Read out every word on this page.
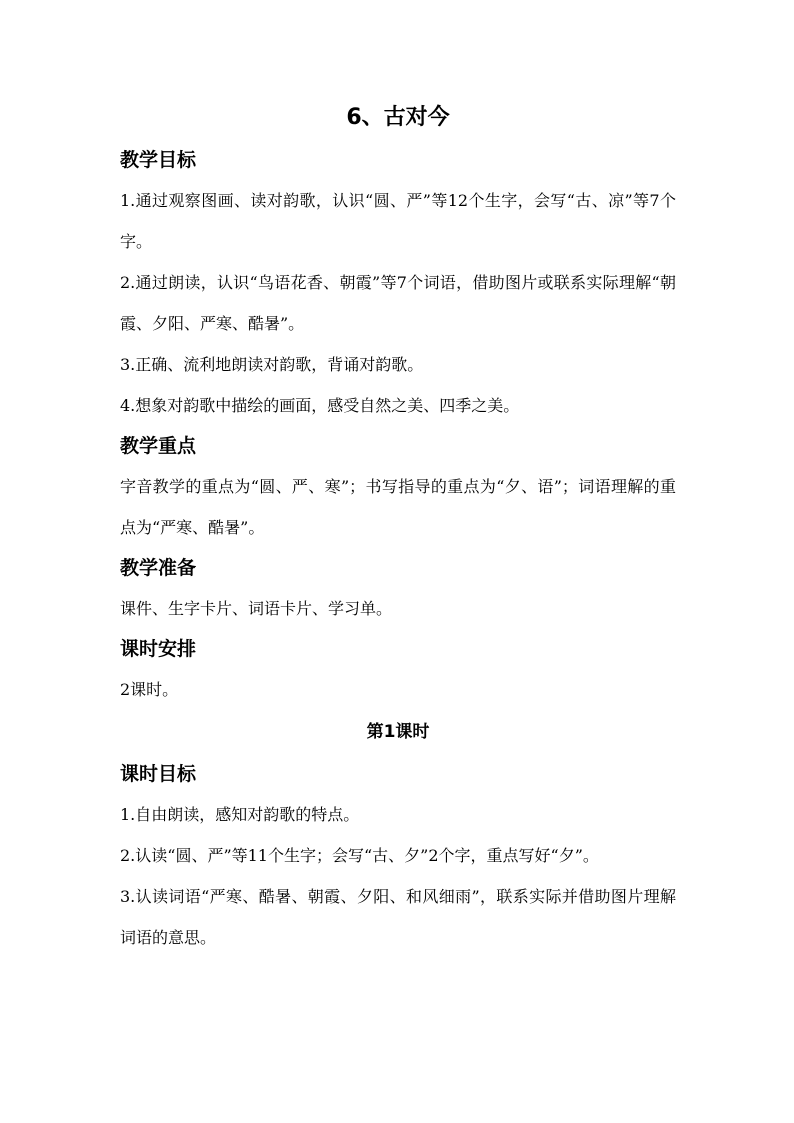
6、古对今
教学目标

1.通过观察图画、读对韵歌，认识“圆、严”等12个生字，会写“古、凉”等7个字。

2.通过朗读，认识“鸟语花香、朝霞”等7个词语，借助图片或联系实际理解“朝霞、夕阳、严寒、酷暑”。

3.正确、流利地朗读对韵歌，背诵对韵歌。

4.想象对韵歌中描绘的画面，感受自然之美、四季之美。

教学重点

字音教学的重点为“圆、严、寒”；书写指导的重点为“夕、语”；词语理解的重点为“严寒、酷暑”。

教学准备

课件、生字卡片、词语卡片、学习单。

课时安排

2课时。

第1课时
课时目标

1.自由朗读，感知对韵歌的特点。

2.认读“圆、严”等11个生字；会写“古、夕”2个字，重点写好“夕”。

3.认读词语“严寒、酷暑、朝霞、夕阳、和风细雨”，联系实际并借助图片理解词语的意思。
